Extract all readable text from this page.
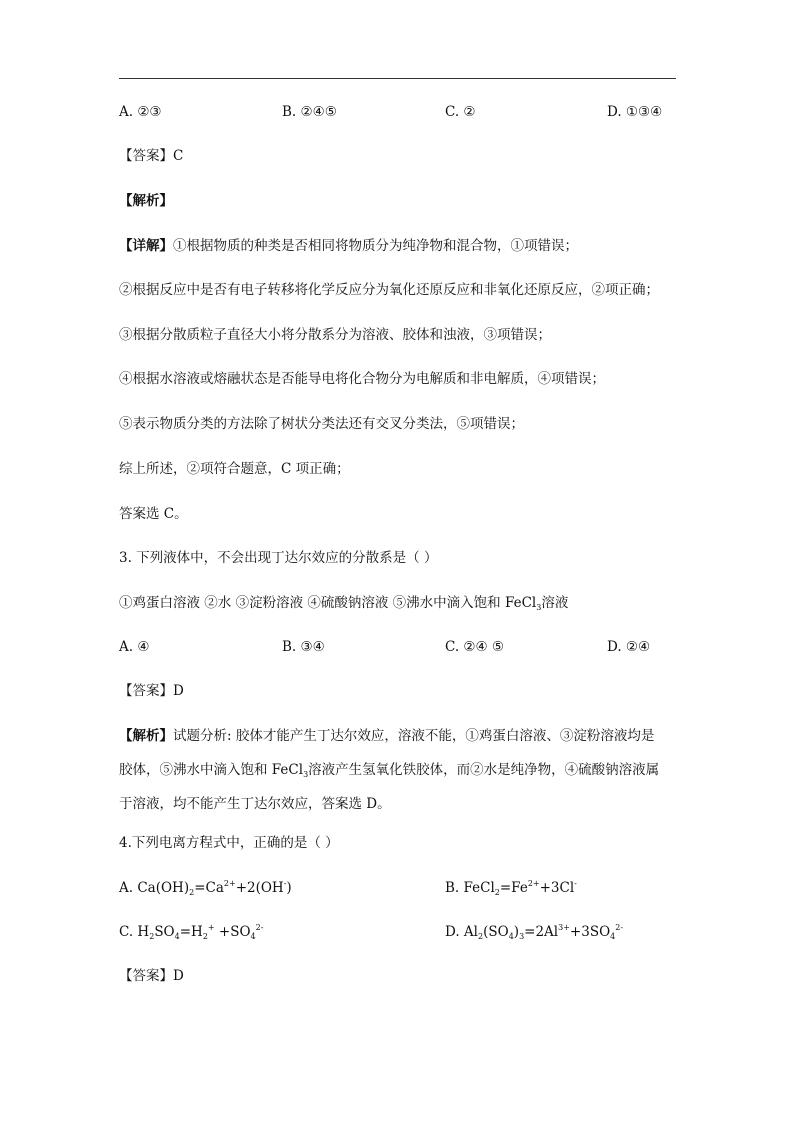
A. ②③	B. ②④⑤	C. ②	D. ①③④
【答案】C
【解析】
【详解】①根据物质的种类是否相同将物质分为纯净物和混合物，①项错误；
②根据反应中是否有电子转移将化学反应分为氧化还原反应和非氧化还原反应，②项正确；
③根据分散质粒子直径大小将分散系分为溶液、胶体和浊液，③项错误；
④根据水溶液或熔融状态是否能导电将化合物分为电解质和非电解质，④项错误；
⑤表示物质分类的方法除了树状分类法还有交叉分类法，⑤项错误；
综上所述，②项符合题意，C 项正确；
答案选 C。
3. 下列液体中，不会出现丁达尔效应的分散系是（ ）
①鸡蛋白溶液 ②水 ③淀粉溶液 ④硫酸钠溶液 ⑤沸水中滴入饱和 FeCl$_3$溶液
A. ④	B. ③④	C. ②④ ⑤	D. ②④
【答案】D
【解析】试题分析: 胶体才能产生丁达尔效应，溶液不能，①鸡蛋白溶液、③淀粉溶液均是
胶体，⑤沸水中滴入饱和 FeCl$_3$溶液产生氢氧化铁胶体，而②水是纯净物，④硫酸钠溶液属
于溶液，均不能产生丁达尔效应，答案选 D。
4.下列电离方程式中，正确的是（ ）
A. $Ca(OH)_2=Ca^{2+}+2(OH^-)$	B. $FeCl_2=Fe^{2+}+3Cl^-$
C. $H_2SO_4=H_2^+ +SO_4^{2-}$	D. $Al_2(SO_4)_3=2Al^{3+}+3SO_4^{2-}$
【答案】D
